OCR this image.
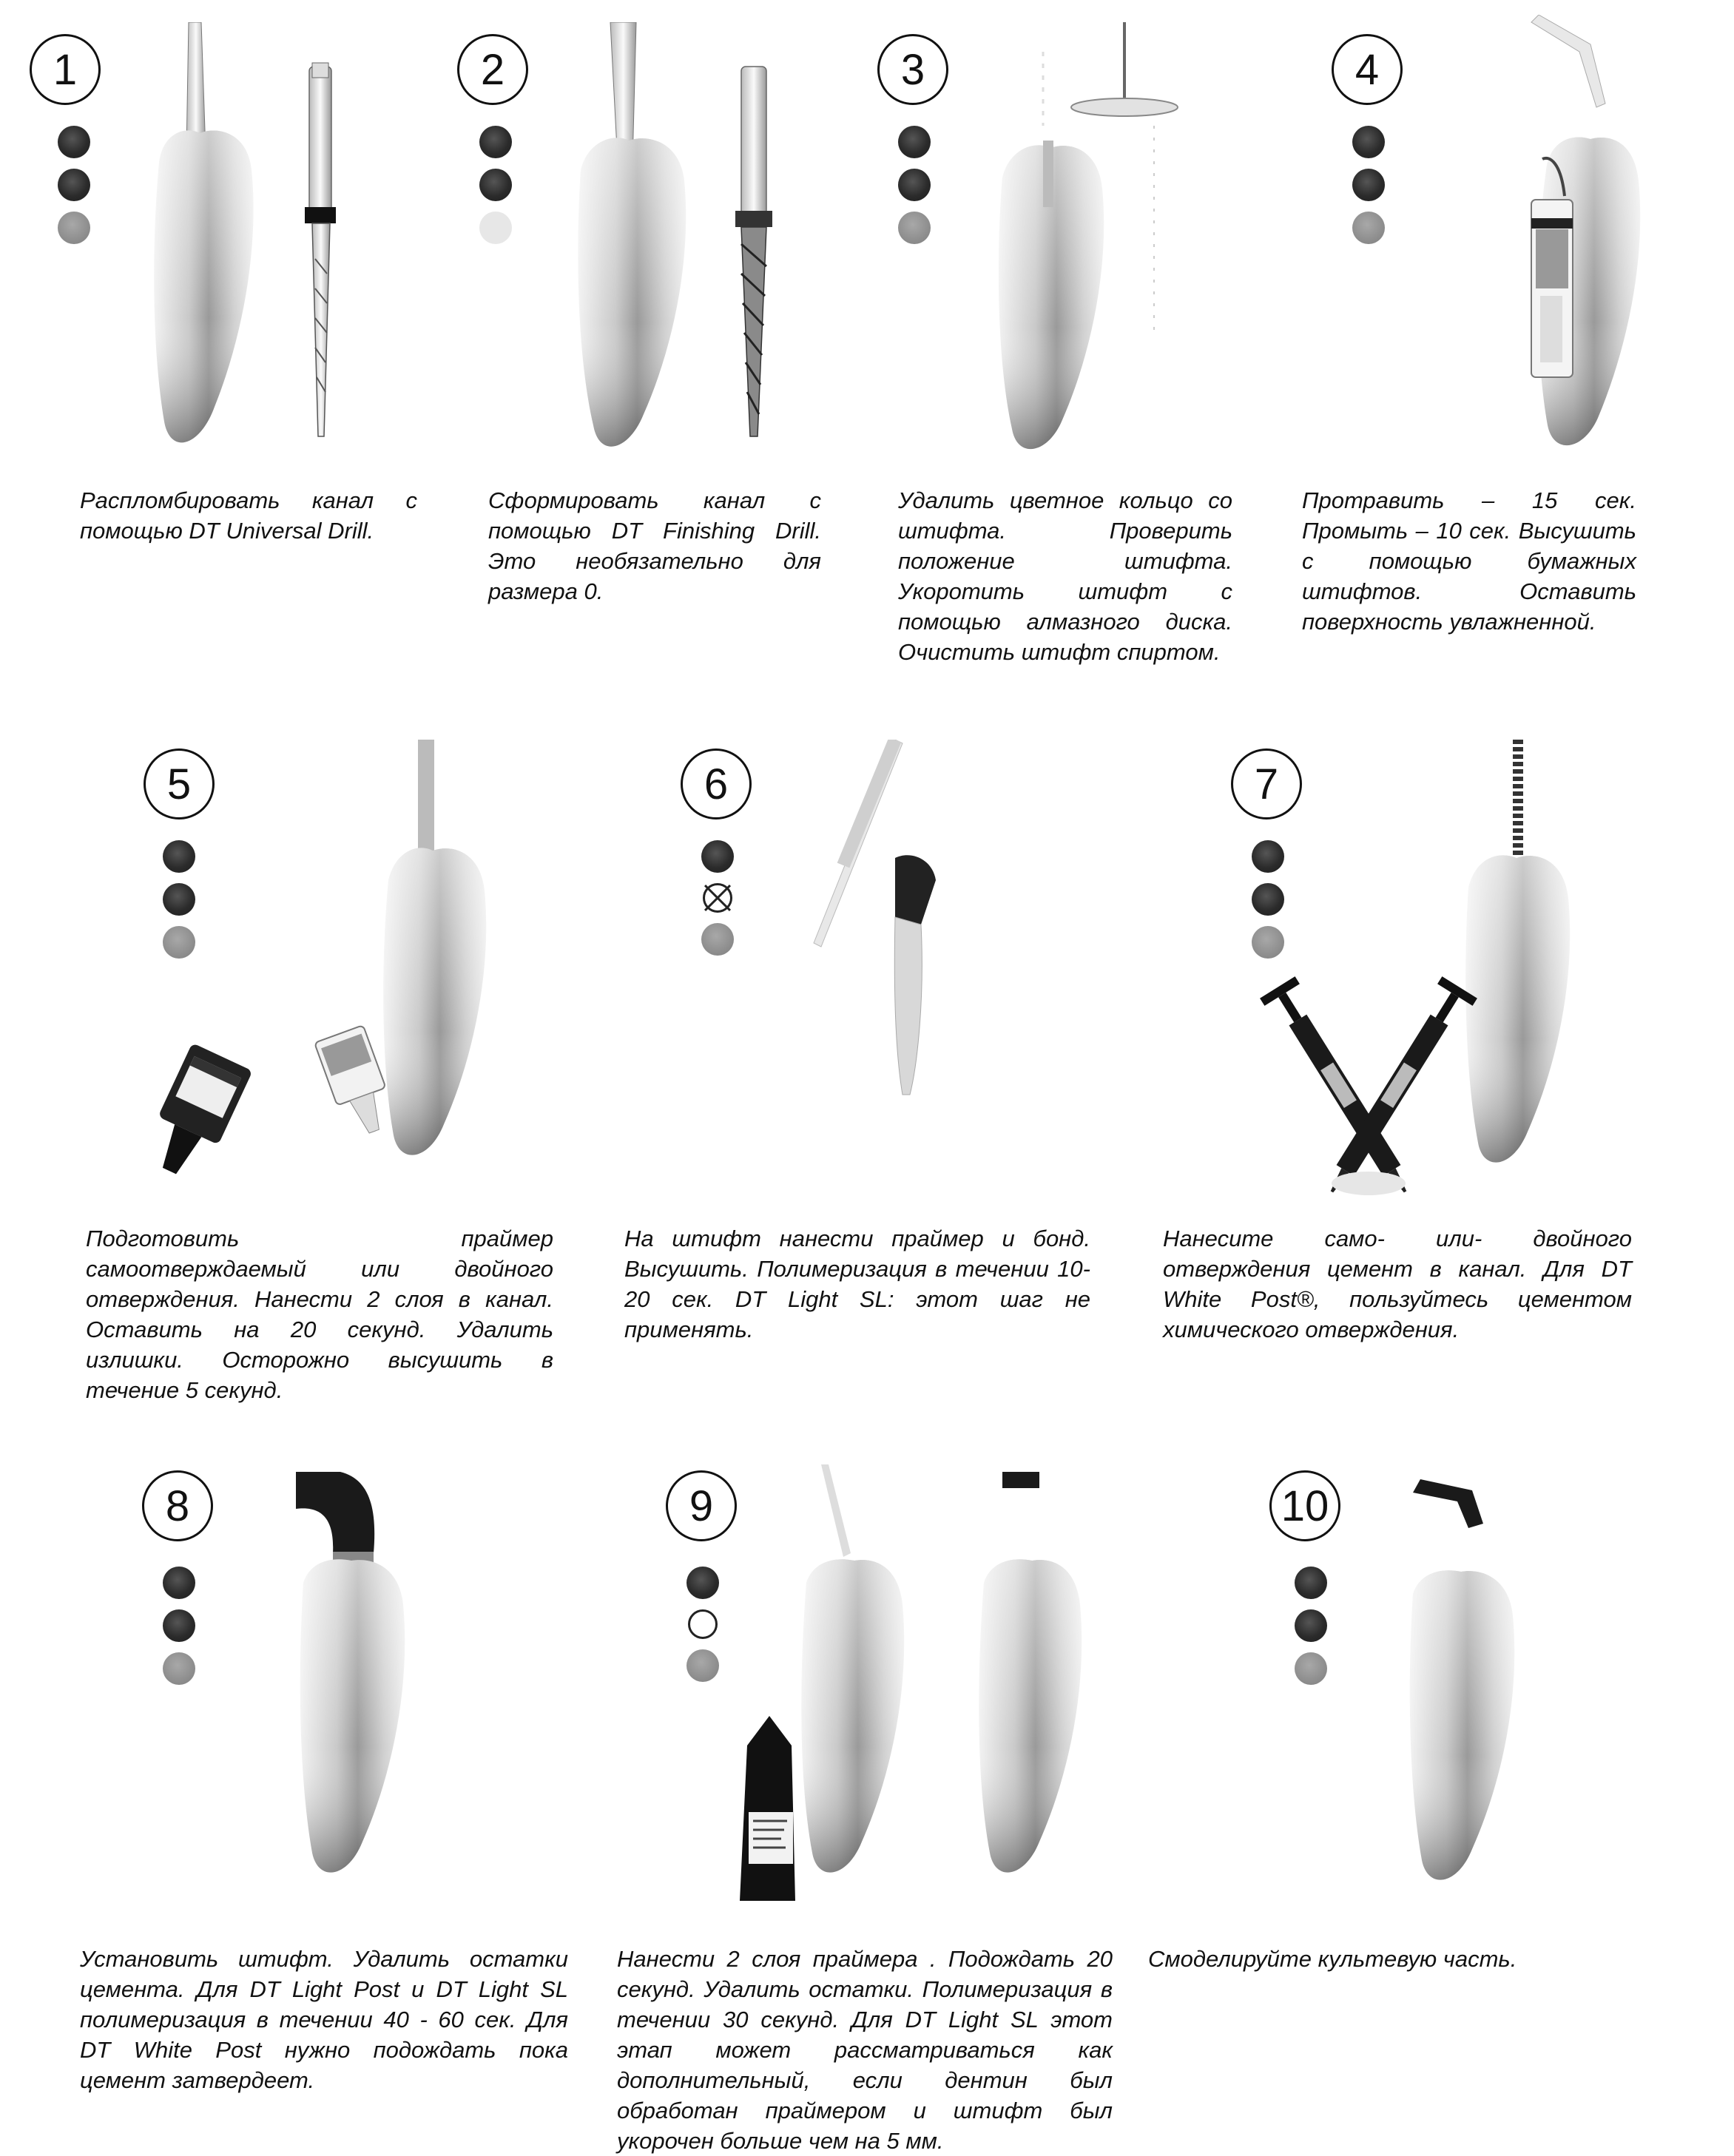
1
Распломбировать канал с помощью DT Universal Drill.
2
Сформировать канал с помощью DT Finishing Drill. Это необязательно для размера 0.
3
Удалить цветное кольцо со штифта. Проверить положение штифта. Укоротить штифт с помощью алмазного диска. Очистить штифт спиртом.
4
Протравить – 15 сек. Промыть – 10 сек. Высушить с помощью бумажных штифтов. Оставить поверхность увлажненной.
5
Подготовить праймер самоотверждаемый или двойного отверждения. Нанести 2 слоя в канал. Оставить на 20 секунд. Удалить излишки. Осторожно высушить в течение 5 секунд.
6
На штифт нанести праймер и бонд. Высушить. Полимеризация в течении 10-20 сек. DT Light SL: этот шаг не применять.
7
Нанесите само- или- двойного отверждения цемент в канал. Для DT White Post®, пользуйтесь цементом химического отверждения.
8
Установить штифт. Удалить остатки цемента. Для DT Light Post и DT Light SL полимеризация в течении 40 - 60 сек. Для DT White Post нужно подождать пока цемент затвердеет.
9
Нанести 2 слоя праймера . Подождать 20 секунд. Удалить остатки. Полимеризация в течении 30 секунд. Для DT Light SL этот этап может рассматриваться как дополнительный, если дентин был обработан праймером и штифт был укорочен больше чем на 5 мм.
10
Смоделируйте культевую часть.
